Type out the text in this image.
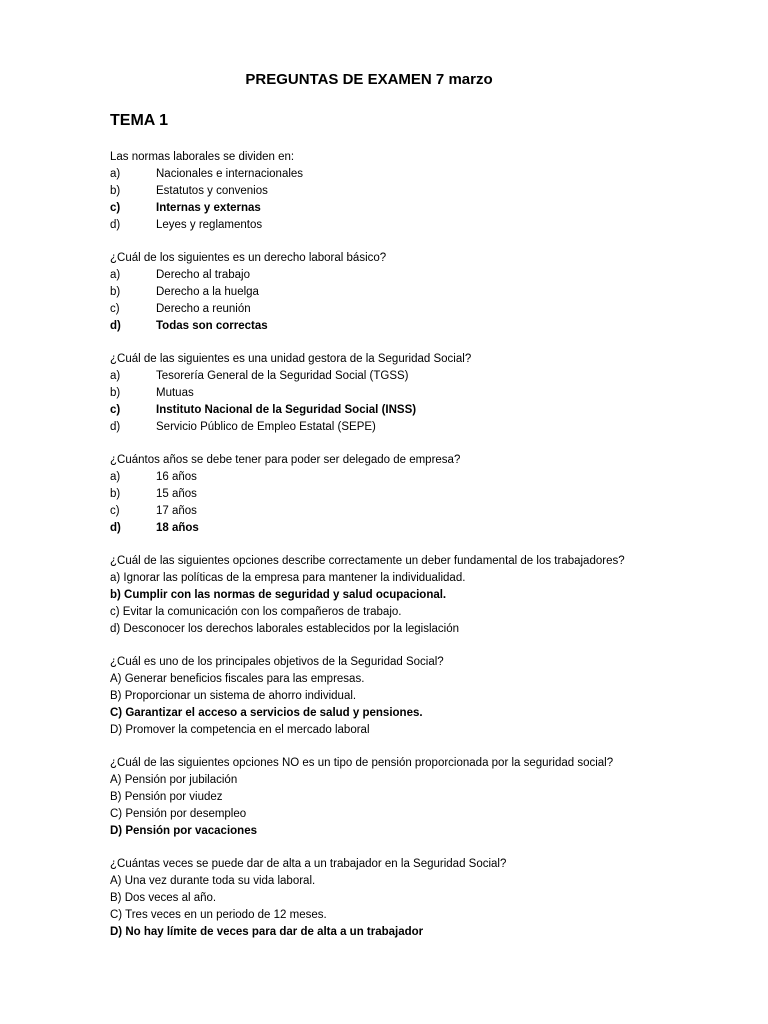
PREGUNTAS DE EXAMEN 7 marzo
TEMA 1
Las normas laborales se dividen en:
a)	Nacionales e internacionales
b)	Estatutos y convenios
c)	Internas y externas
d)	Leyes y reglamentos
¿Cuál de los siguientes es un derecho laboral básico?
a)	Derecho al trabajo
b)	Derecho a la huelga
c)	Derecho a reunión
d)	Todas son correctas
¿Cuál de las siguientes es una unidad gestora de la Seguridad Social?
a)	Tesorería General de la Seguridad Social (TGSS)
b)	Mutuas
c)	Instituto Nacional de la Seguridad Social (INSS)
d)	Servicio Público de Empleo Estatal (SEPE)
¿Cuántos años se debe tener para poder ser delegado de empresa?
a)	16 años
b)	15 años
c)	17 años
d)	18 años
¿Cuál de las siguientes opciones describe correctamente un deber fundamental de los trabajadores?
a) Ignorar las políticas de la empresa para mantener la individualidad.
b) Cumplir con las normas de seguridad y salud ocupacional.
c) Evitar la comunicación con los compañeros de trabajo.
d) Desconocer los derechos laborales establecidos por la legislación
¿Cuál es uno de los principales objetivos de la Seguridad Social?
A) Generar beneficios fiscales para las empresas.
B) Proporcionar un sistema de ahorro individual.
C) Garantizar el acceso a servicios de salud y pensiones.
D) Promover la competencia en el mercado laboral
¿Cuál de las siguientes opciones NO es un tipo de pensión proporcionada por la seguridad social?
A) Pensión por jubilación
B) Pensión por viudez
C) Pensión por desempleo
D) Pensión por vacaciones
¿Cuántas veces se puede dar de alta a un trabajador en la Seguridad Social?
A) Una vez durante toda su vida laboral.
B) Dos veces al año.
C) Tres veces en un periodo de 12 meses.
D) No hay límite de veces para dar de alta a un trabajador
